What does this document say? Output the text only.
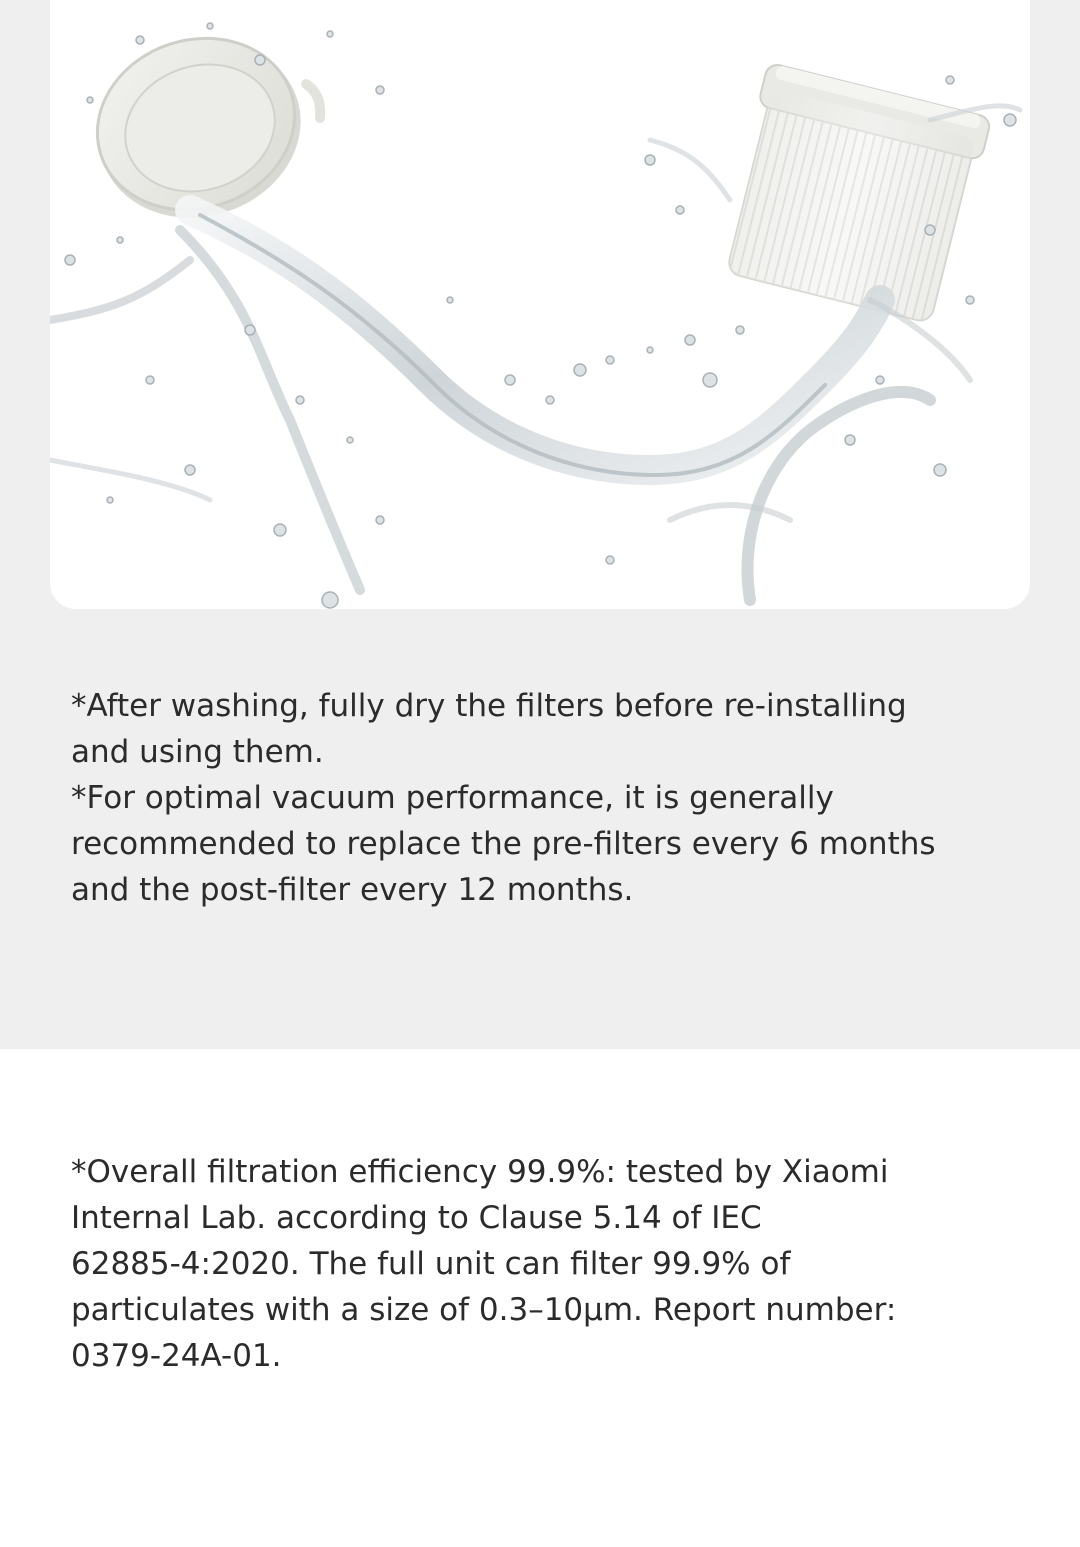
*After washing, fully dry the filters before re-installing
and using them.
*For optimal vacuum performance, it is generally
recommended to replace the pre-filters every 6 months
and the post-filter every 12 months.

*Overall filtration efficiency 99.9%: tested by Xiaomi
Internal Lab. according to Clause 5.14 of IEC
62885-4:2020. The full unit can filter 99.9% of
particulates with a size of 0.3–10μm. Report number:
0379-24A-01.
